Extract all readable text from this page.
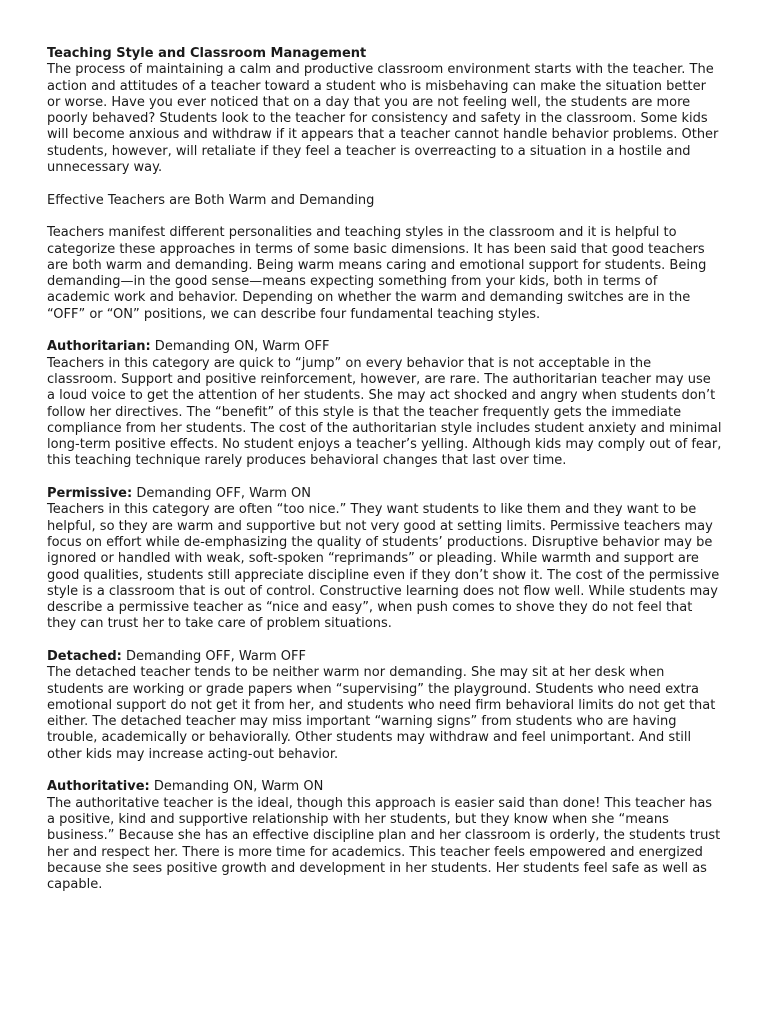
Teaching Style and Classroom Management

The process of maintaining a calm and productive classroom environment starts with the teacher. The action and attitudes of a teacher toward a student who is misbehaving can make the situation better or worse. Have you ever noticed that on a day that you are not feeling well, the students are more poorly behaved? Students look to the teacher for consistency and safety in the classroom. Some kids will become anxious and withdraw if it appears that a teacher cannot handle behavior problems. Other students, however, will retaliate if they feel a teacher is overreacting to a situation in a hostile and unnecessary way.

Effective Teachers are Both Warm and Demanding

Teachers manifest different personalities and teaching styles in the classroom and it is helpful to categorize these approaches in terms of some basic dimensions. It has been said that good teachers are both warm and demanding. Being warm means caring and emotional support for students. Being demanding—in the good sense—means expecting something from your kids, both in terms of academic work and behavior. Depending on whether the warm and demanding switches are in the “OFF” or “ON” positions, we can describe four fundamental teaching styles.

Authoritarian: Demanding ON, Warm OFF

Teachers in this category are quick to “jump” on every behavior that is not acceptable in the classroom. Support and positive reinforcement, however, are rare. The authoritarian teacher may use a loud voice to get the attention of her students. She may act shocked and angry when students don’t follow her directives. The “benefit” of this style is that the teacher frequently gets the immediate compliance from her students. The cost of the authoritarian style includes student anxiety and minimal long-term positive effects. No student enjoys a teacher’s yelling. Although kids may comply out of fear, this teaching technique rarely produces behavioral changes that last over time.

Permissive: Demanding OFF, Warm ON

Teachers in this category are often “too nice.” They want students to like them and they want to be helpful, so they are warm and supportive but not very good at setting limits. Permissive teachers may focus on effort while de-emphasizing the quality of students’ productions. Disruptive behavior may be ignored or handled with weak, soft-spoken “reprimands” or pleading. While warmth and support are good qualities, students still appreciate discipline even if they don’t show it. The cost of the permissive style is a classroom that is out of control. Constructive learning does not flow well. While students may describe a permissive teacher as “nice and easy”, when push comes to shove they do not feel that they can trust her to take care of problem situations.

Detached: Demanding OFF, Warm OFF

The detached teacher tends to be neither warm nor demanding. She may sit at her desk when students are working or grade papers when “supervising” the playground. Students who need extra emotional support do not get it from her, and students who need firm behavioral limits do not get that either. The detached teacher may miss important “warning signs” from students who are having trouble, academically or behaviorally. Other students may withdraw and feel unimportant. And still other kids may increase acting-out behavior.

Authoritative: Demanding ON, Warm ON

The authoritative teacher is the ideal, though this approach is easier said than done! This teacher has a positive, kind and supportive relationship with her students, but they know when she “means business.” Because she has an effective discipline plan and her classroom is orderly, the students trust her and respect her. There is more time for academics. This teacher feels empowered and energized because she sees positive growth and development in her students. Her students feel safe as well as capable.
